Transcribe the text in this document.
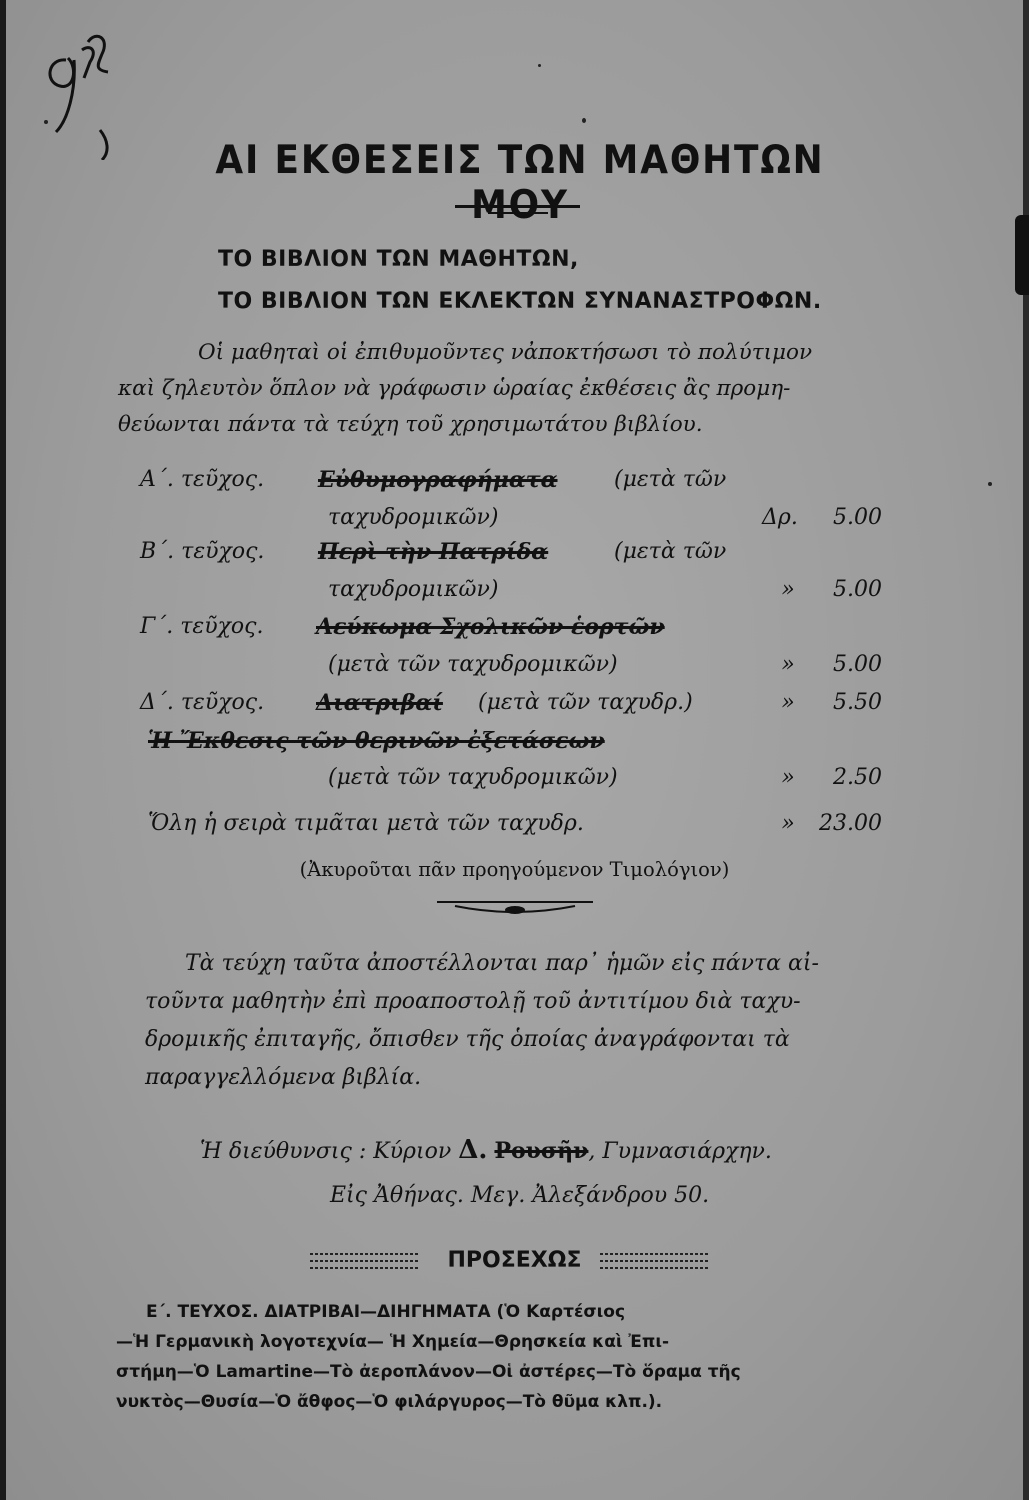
ΑΙ ΕΚΘΕΣΕΙΣ ΤΩΝ ΜΑΘΗΤΩΝ
ΤΟ ΒΙΒΛΙΟΝ ΤΩΝ ΜΑΘΗΤΩΝ,
ΤΟ ΒΙΒΛΙΟΝ ΤΩΝ ΕΚΛΕΚΤΩΝ ΣΥΝΑΝΑΣΤΡΟΦΩΝ.
Οἱ μαθηταὶ οἱ ἐπιθυμοῦντες νἀποκτήσωσι τὸ πολύτιμον
καὶ ζηλευτὸν ὅπλον νὰ γράφωσιν ὡραίας ἐκθέσεις ἂς προμη-
θεύωνται πάντα τὰ τεύχη τοῦ χρησιμωτάτου βιβλίου.
Α΄. τεῦχος. Εὐθυμογραφήματα	(μετὰ τῶν
ταχυδρομικῶν)	Δρ.	5.00
Β΄. τεῦχος. Περὶ τὴν Πατρίδα	(μετὰ τῶν
ταχυδρομικῶν)	»	5.00
Γ΄. τεῦχος. Λεύκωμα Σχολικῶν ἑορτῶν
(μετὰ τῶν ταχυδρομικῶν)	»	5.00
Δ΄. τεῦχος. Διατριβαί (μετὰ τῶν ταχυδρ.)	»	5.50
Ἡ Ἔκθεσις τῶν θερινῶν ἐξετάσεων
(μετὰ τῶν ταχυδρομικῶν)	»	2.50
Ὅλη ἡ σειρὰ τιμᾶται μετὰ τῶν ταχυδρ.	»	23.00
(Ἀκυροῦται πᾶν προηγούμενον Τιμολόγιον)
Τὰ τεύχη ταῦτα ἀποστέλλονται παρ᾽ ἡμῶν εἰς πάντα αἰ-
τοῦντα μαθητὴν ἐπὶ προαποστολῇ τοῦ ἀντιτίμου διὰ ταχυ-
δρομικῆς ἐπιταγῆς, ὄπισθεν τῆς ὁποίας ἀναγράφονται τὰ
παραγγελλόμενα βιβλία.
Ἡ διεύθυνσις : Κύριον Δ. Ρουσῆν, Γυμνασιάρχην.
Εἰς Ἀθήνας. Μεγ. Ἀλεξάνδρου 50.
ΠΡΟΣΕΧΩΣ
Ε΄. ΤΕΥΧΟΣ. ΔΙΑΤΡΙΒΑΙ—ΔΙΗΓΗΜΑΤΑ (Ὁ Καρτέσιος
—Ἡ Γερμανικὴ λογοτεχνία— Ἡ Χημεία—Θρησκεία καὶ Ἐπι-
στήμη—Ὁ Lamartine—Τὸ ἀεροπλάνον—Οἱ ἀστέρες—Τὸ ὅραμα τῆς
νυκτὸς—Θυσία—Ὁ ἄθφος—Ὁ φιλάργυρος—Τὸ θῦμα κλπ.).
